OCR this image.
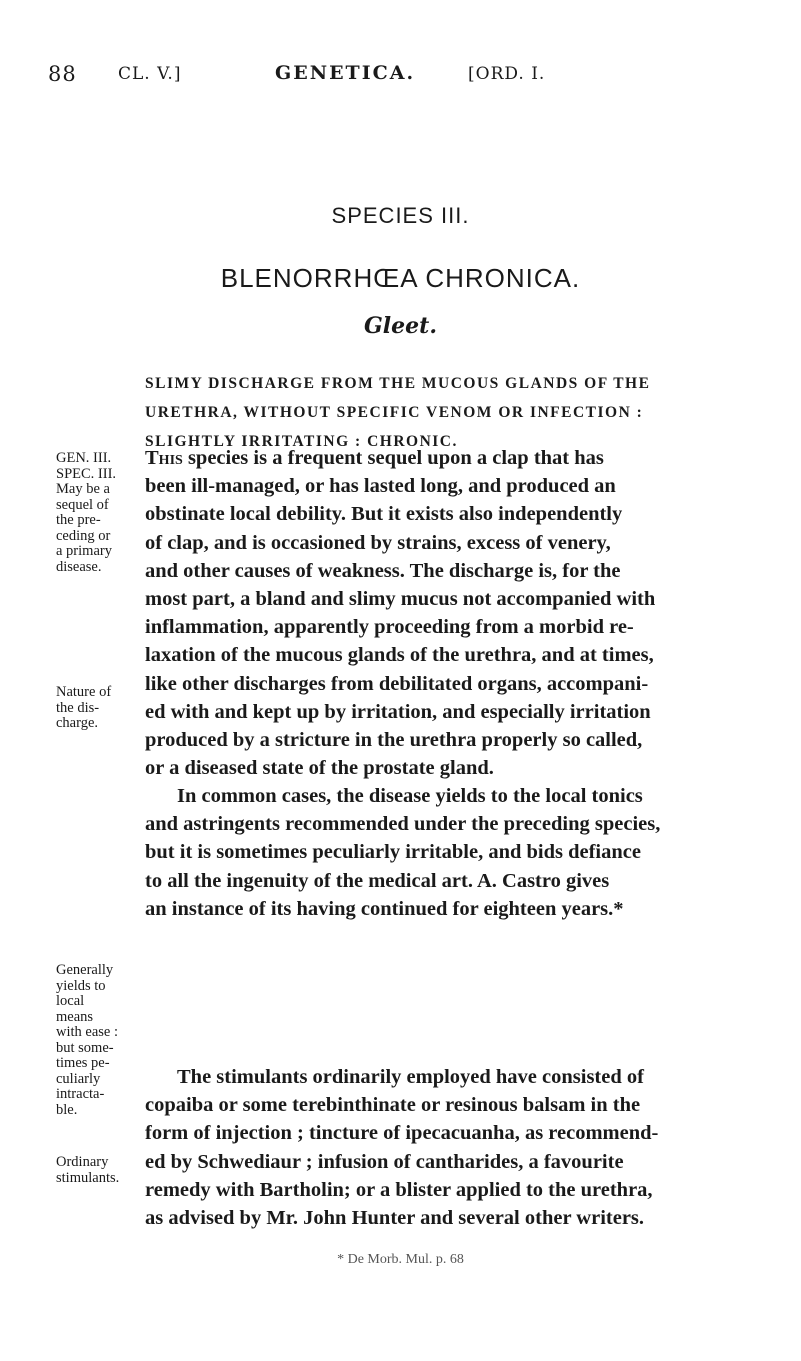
88 CL. V.]	GENETICA.	[ORD. I.
SPECIES III.
BLENORRHŒA CHRONICA.
Gleet.
SLIMY DISCHARGE FROM THE MUCOUS GLANDS OF THE
URETHRA, WITHOUT SPECIFIC VENOM OR INFECTION :
SLIGHTLY IRRITATING : CHRONIC.
GEN. III.
SPEC. III.
May be a
sequel of
the pre-
ceding or
a primary
disease.
Nature of
the dis-
charge.
Generally
yields to
local
means
with ease :
but some-
times pe-
culiarly
intracta-
ble.
Ordinary
stimulants.
This species is a frequent sequel upon a clap that has
been ill-managed, or has lasted long, and produced an
obstinate local debility. But it exists also independently
of clap, and is occasioned by strains, excess of venery,
and other causes of weakness. The discharge is, for the
most part, a bland and slimy mucus not accompanied with
inflammation, apparently proceeding from a morbid re-
laxation of the mucous glands of the urethra, and at times,
like other discharges from debilitated organs, accompani-
ed with and kept up by irritation, and especially irritation
produced by a stricture in the urethra properly so called,
or a diseased state of the prostate gland.
In common cases, the disease yields to the local tonics
and astringents recommended under the preceding species,
but it is sometimes peculiarly irritable, and bids defiance
to all the ingenuity of the medical art. A. Castro gives
an instance of its having continued for eighteen years.*
The stimulants ordinarily employed have consisted of
copaiba or some terebinthinate or resinous balsam in the
form of injection ; tincture of ipecacuanha, as recommend-
ed by Schwediaur ; infusion of cantharides, a favourite
remedy with Bartholin; or a blister applied to the urethra,
as advised by Mr. John Hunter and several other writers.
* De Morb. Mul. p. 68
